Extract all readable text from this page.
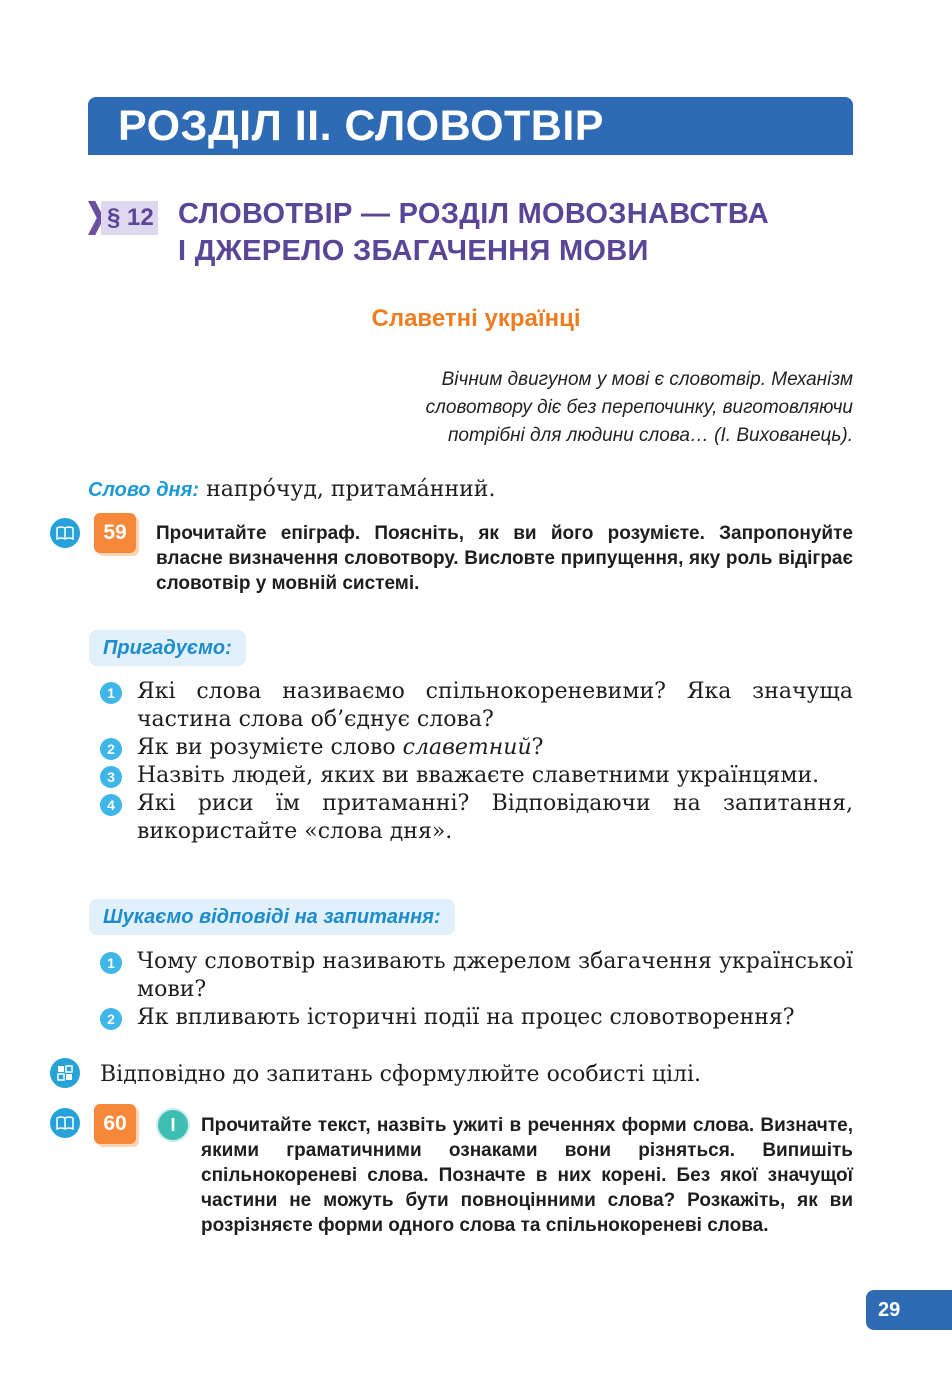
РОЗДІЛ ІІ. СЛОВОТВІР
§ 12 СЛОВОТВІР — РОЗДІЛ МОВОЗНАВСТВА
І ДЖЕРЕЛО ЗБАГАЧЕННЯ МОВИ
Славетні українці
Вічним двигуном у мові є словотвір. Механізм
словотвору діє без перепочинку, виготовляючи
потрібні для людини слова… (І. Вихованець).
Слово дня: напро́чуд, притама́нний.
59	Прочитайте епіграф. Поясніть, як ви його розумієте. Запропонуйте власне визначення словотвору. Висловте припущення, яку роль відіграє словотвір у мовній системі.
Пригадуємо:
1	Які слова називаємо спільнокореневими? Яка значуща частина слова об’єднує слова?
2	Як ви розумієте слово славетний?
3	Назвіть людей, яких ви вважаєте славетними українцями.
4	Які риси їм притаманні? Відповідаючи на запитання, використайте «слова дня».
Шукаємо відповіді на запитання:
1	Чому словотвір називають джерелом збагачення української мови?
2	Як впливають історичні події на процес словотворення?
Відповідно до запитань сформулюйте особисті цілі.
60	І	Прочитайте текст, назвіть ужиті в реченнях форми слова. Визначте, якими граматичними ознаками вони різняться. Випишіть спільнокореневі слова. Позначте в них корені. Без якої значущої частини не можуть бути повноцінними слова? Розкажіть, як ви розрізняєте форми одного слова та спільнокореневі слова.
29
